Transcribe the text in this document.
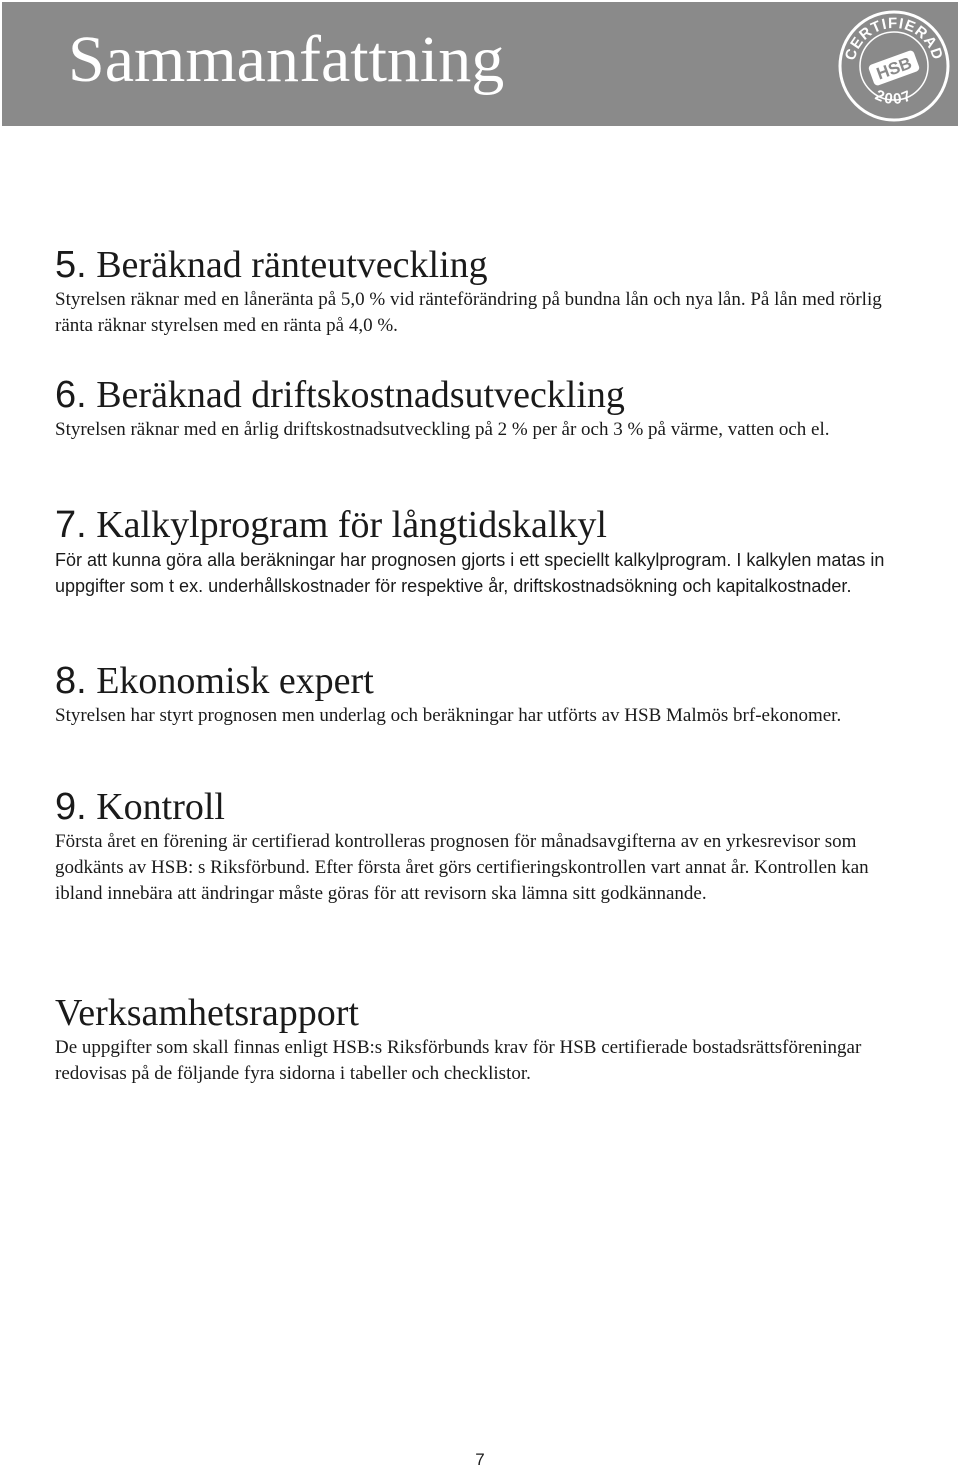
Sammanfattning	CERTIFIERAD
HSB
2007
5. Beräknad ränteutveckling

Styrelsen räknar med en låneränta på 5,0 % vid ränteförändring på bundna lån och nya lån. På lån med rörlig ränta räknar styrelsen med en ränta på 4,0 %.

6. Beräknad driftskostnadsutveckling

Styrelsen räknar med en årlig driftskostnadsutveckling på 2 % per år och 3 % på värme, vatten och el.

7. Kalkylprogram för långtidskalkyl

För att kunna göra alla beräkningar har prognosen gjorts i ett speciellt kalkylprogram. I kalkylen matas in uppgifter som t ex. underhållskostnader för respektive år, driftskostnadsökning och kapitalkostnader.

8. Ekonomisk expert

Styrelsen har styrt prognosen men underlag och beräkningar har utförts av HSB Malmös brf-ekonomer.

9. Kontroll

Första året en förening är certifierad kontrolleras prognosen för månadsavgifterna av en yrkesrevisor som godkänts av HSB: s Riksförbund. Efter första året görs certifieringskontrollen vart annat år. Kontrollen kan ibland innebära att ändringar måste göras för att revisorn ska lämna sitt godkännande.

Verksamhetsrapport

De uppgifter som skall finnas enligt HSB:s Riksförbunds krav för HSB certifierade bostadsrättsföreningar redovisas på de följande fyra sidorna i tabeller och checklistor.

7
